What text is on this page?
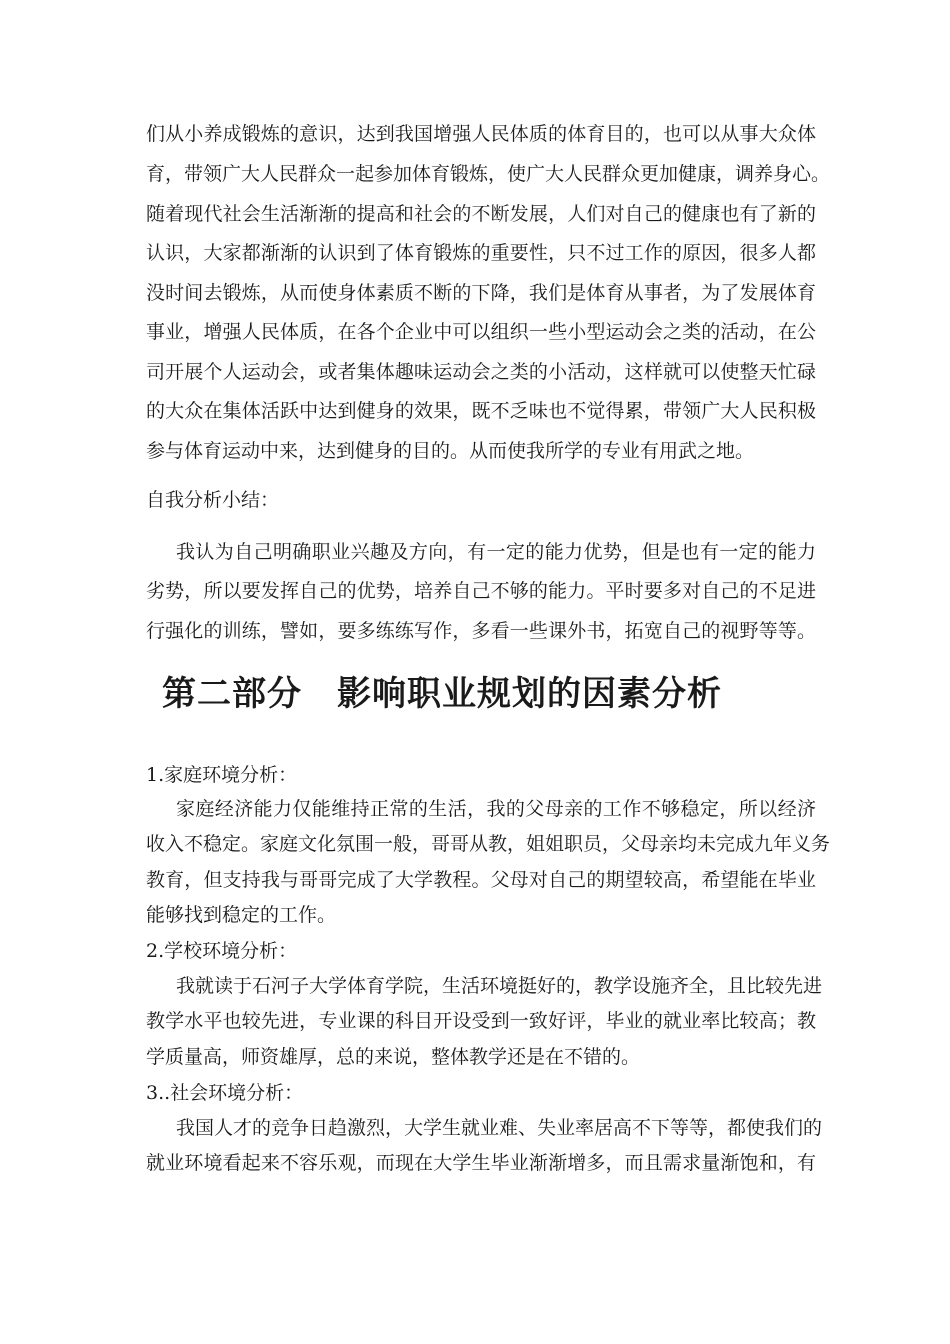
们从小养成锻炼的意识，达到我国增强人民体质的体育目的，也可以从事大众体
育，带领广大人民群众一起参加体育锻炼，使广大人民群众更加健康，调养身心。
随着现代社会生活渐渐的提高和社会的不断发展，人们对自己的健康也有了新的
认识，大家都渐渐的认识到了体育锻炼的重要性，只不过工作的原因，很多人都
没时间去锻炼，从而使身体素质不断的下降，我们是体育从事者，为了发展体育
事业，增强人民体质，在各个企业中可以组织一些小型运动会之类的活动，在公
司开展个人运动会，或者集体趣味运动会之类的小活动，这样就可以使整天忙碌
的大众在集体活跃中达到健身的效果，既不乏味也不觉得累，带领广大人民积极
参与体育运动中来，达到健身的目的。从而使我所学的专业有用武之地。
自我分析小结：
我认为自己明确职业兴趣及方向，有一定的能力优势，但是也有一定的能力
劣势，所以要发挥自己的优势，培养自己不够的能力。平时要多对自己的不足进
行强化的训练，譬如，要多练练写作，多看一些课外书，拓宽自己的视野等等。
第二部分　影响职业规划的因素分析
1.家庭环境分析：
家庭经济能力仅能维持正常的生活，我的父母亲的工作不够稳定，所以经济
收入不稳定。家庭文化氛围一般，哥哥从教，姐姐职员，父母亲均未完成九年义务
教育，但支持我与哥哥完成了大学教程。父母对自己的期望较高，希望能在毕业
能够找到稳定的工作。
2.学校环境分析：
我就读于石河子大学体育学院，生活环境挺好的，教学设施齐全，且比较先进
教学水平也较先进，专业课的科目开设受到一致好评，毕业的就业率比较高；教
学质量高，师资雄厚，总的来说，整体教学还是在不错的。
3..社会环境分析：
我国人才的竞争日趋激烈，大学生就业难、失业率居高不下等等，都使我们的
就业环境看起来不容乐观，而现在大学生毕业渐渐增多，而且需求量渐饱和，有
